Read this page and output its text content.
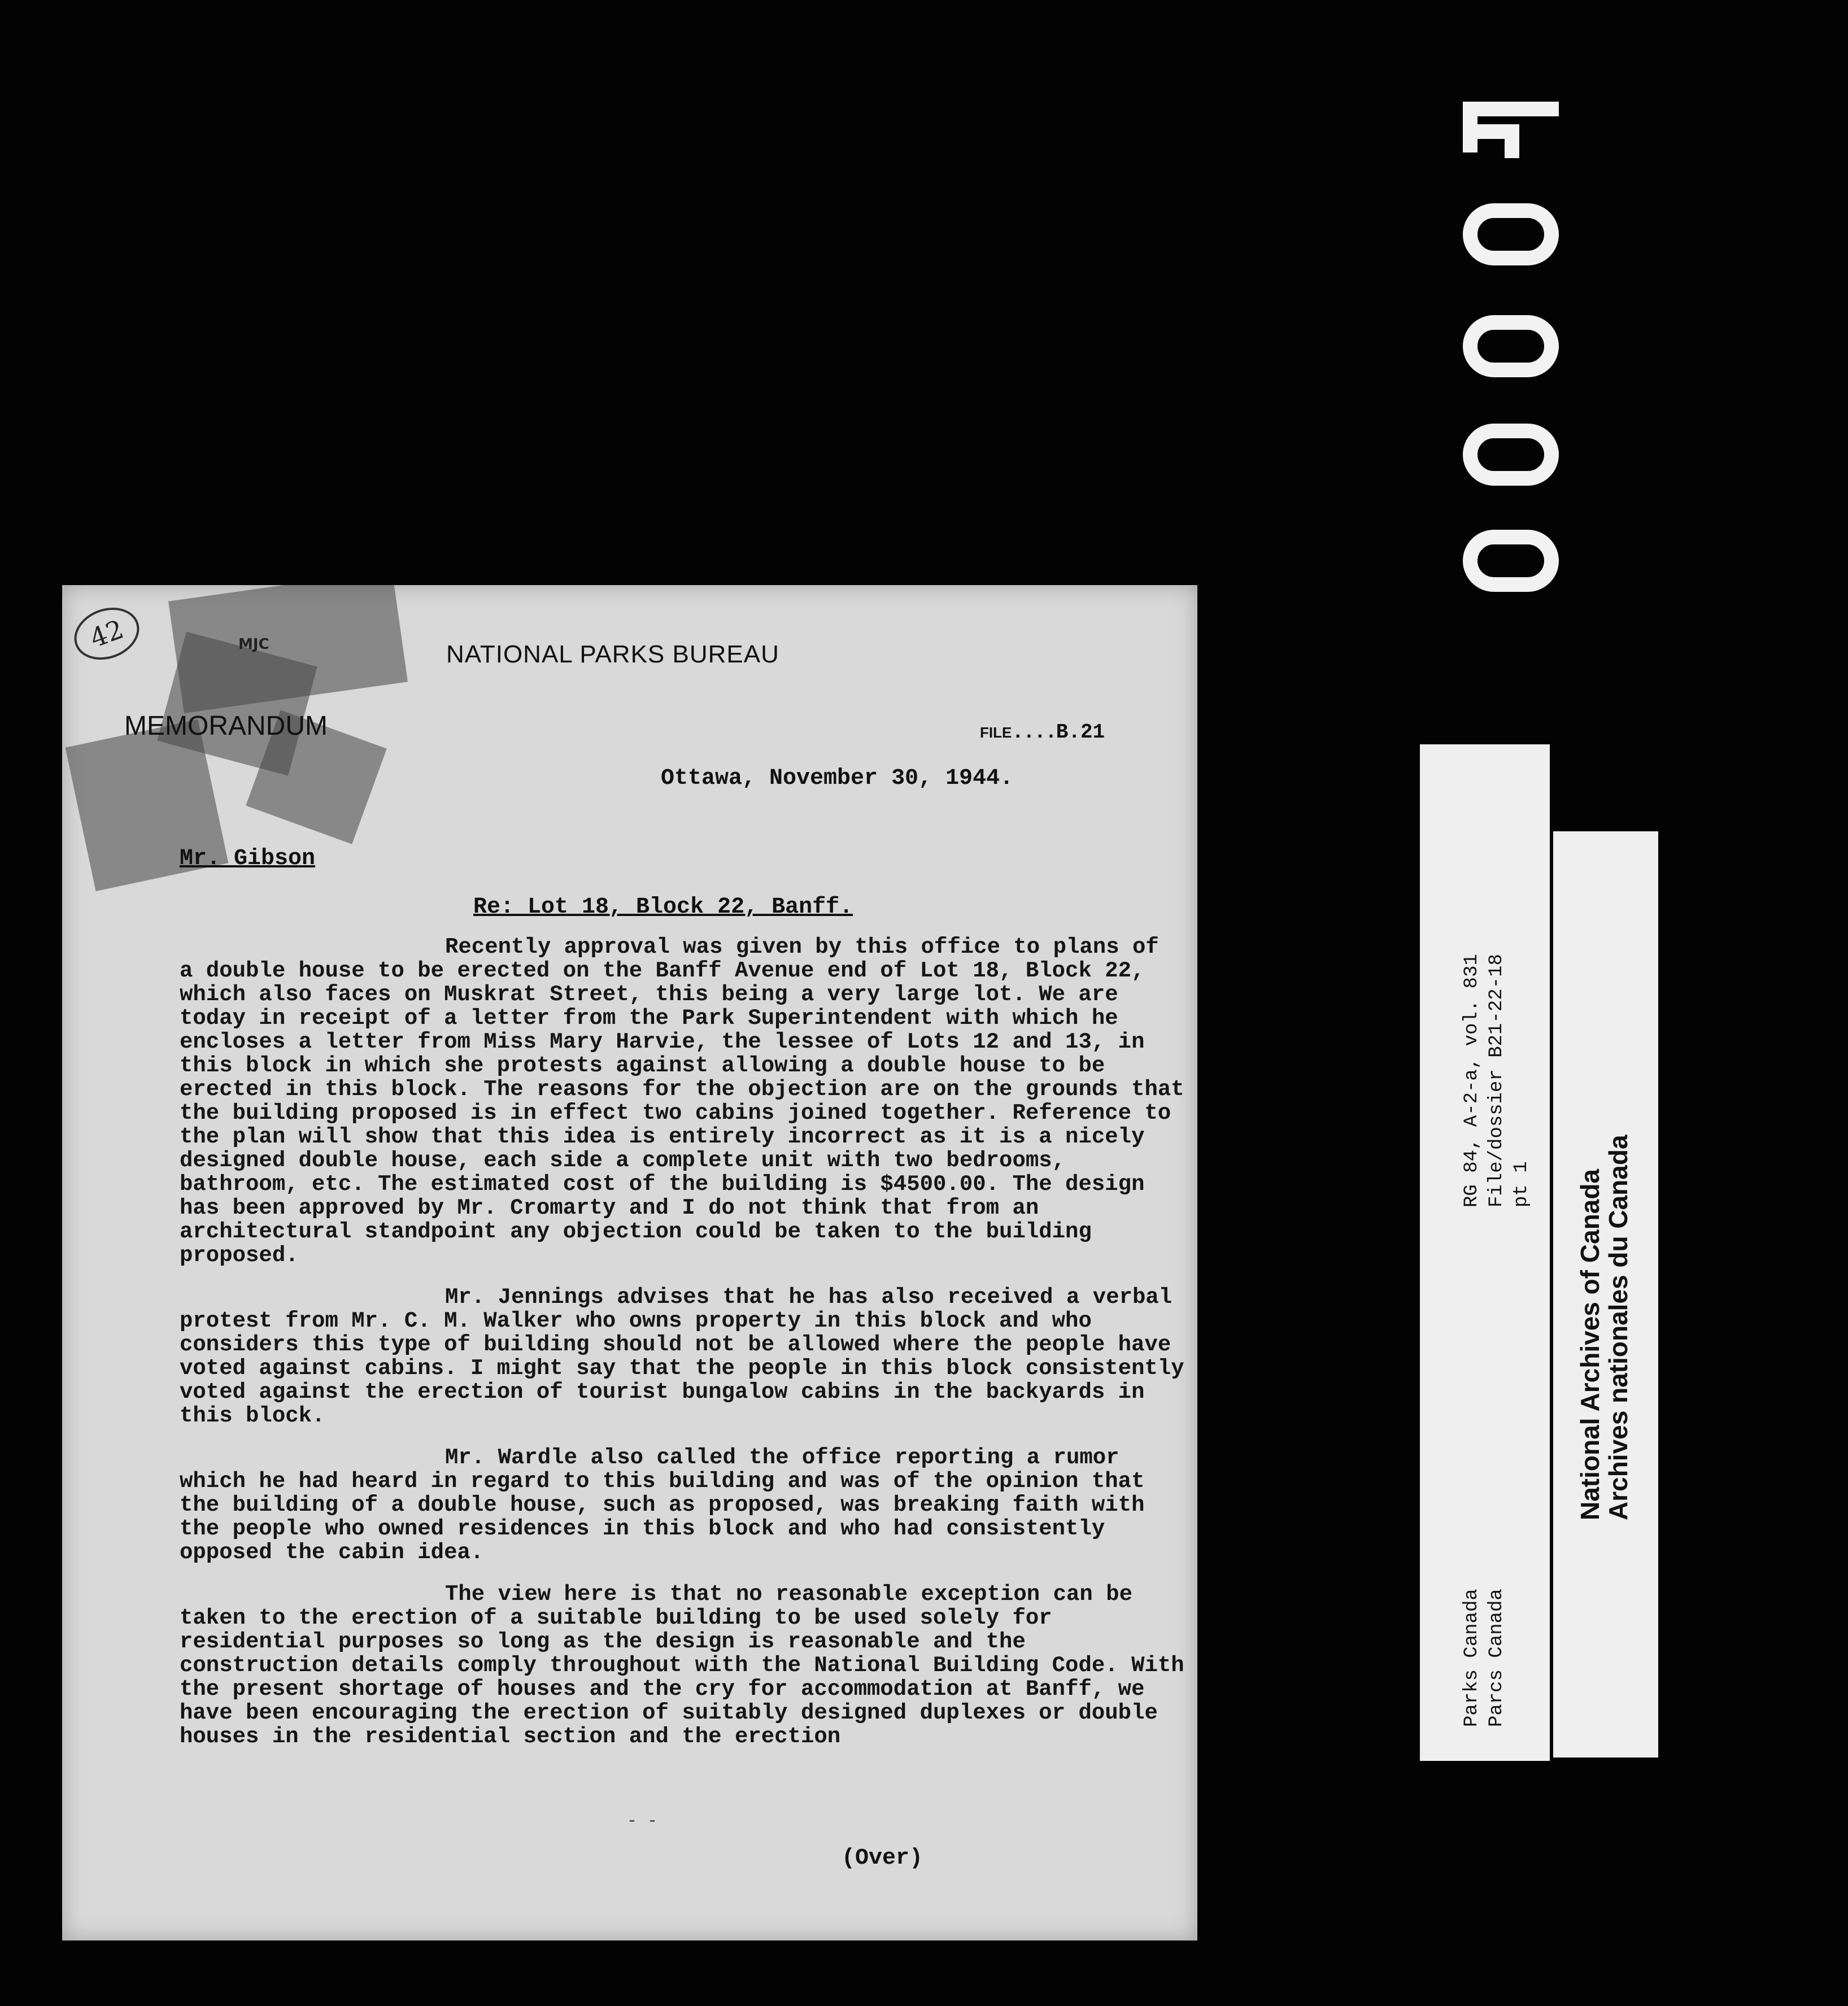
42	MJC	NATIONAL PARKS BUREAU
MEMORANDUM	FILE....B.21
Ottawa, November 30, 1944.
Mr. Gibson
Re: Lot 18, Block 22, Banff.

Recently approval was given by this office to plans of a double house to be erected on the Banff Avenue end of Lot 18, Block 22, which also faces on Muskrat Street, this being a very large lot. We are today in receipt of a letter from the Park Superintendent with which he encloses a letter from Miss Mary Harvie, the lessee of Lots 12 and 13, in this block in which she protests against allowing a double house to be erected in this block. The reasons for the objection are on the grounds that the building proposed is in effect two cabins joined together. Reference to the plan will show that this idea is entirely incorrect as it is a nicely designed double house, each side a complete unit with two bedrooms, bathroom, etc. The estimated cost of the building is $4500.00. The design has been approved by Mr. Cromarty and I do not think that from an architectural standpoint any objection could be taken to the building proposed.

Mr. Jennings advises that he has also received a verbal protest from Mr. C. M. Walker who owns property in this block and who considers this type of building should not be allowed where the people have voted against cabins. I might say that the people in this block consistently voted against the erection of tourist bungalow cabins in the backyards in this block.

Mr. Wardle also called the office reporting a rumor which he had heard in regard to this building and was of the opinion that the building of a double house, such as proposed, was breaking faith with the people who owned residences in this block and who had consistently opposed the cabin idea.

The view here is that no reasonable exception can be taken to the erection of a suitable building to be used solely for residential purposes so long as the design is reasonable and the construction details comply throughout with the National Building Code. With the present shortage of houses and the cry for accommodation at Banff, we have been encouraging the erection of suitably designed duplexes or double houses in the residential section and the erection

- -
(Over)
RG 84, A-2-a, vol. 831 File/dossier B21-22-18 pt 1
Parks Canada Parcs Canada
National Archives of Canada
Archives nationales du Canada
